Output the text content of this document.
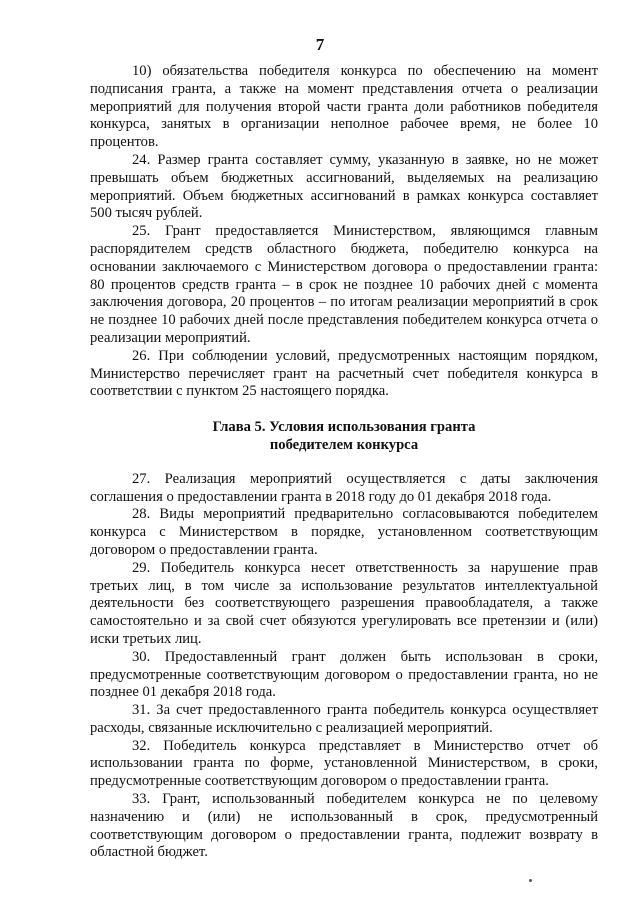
7

10) обязательства победителя конкурса по обеспечению на момент подписания гранта, а также на момент представления отчета о реализации мероприятий для получения второй части гранта доли работников победителя конкурса, занятых в организации неполное рабочее время, не более 10 процентов.

24. Размер гранта составляет сумму, указанную в заявке, но не может превышать объем бюджетных ассигнований, выделяемых на реализацию мероприятий. Объем бюджетных ассигнований в рамках конкурса составляет 500 тысяч рублей.

25. Грант предоставляется Министерством, являющимся главным распорядителем средств областного бюджета, победителю конкурса на основании заключаемого с Министерством договора о предоставлении гранта: 80 процентов средств гранта – в срок не позднее 10 рабочих дней с момента заключения договора, 20 процентов – по итогам реализации мероприятий в срок не позднее 10 рабочих дней после представления победителем конкурса отчета о реализации мероприятий.

26. При соблюдении условий, предусмотренных настоящим порядком, Министерство перечисляет грант на расчетный счет победителя конкурса в соответствии с пунктом 25 настоящего порядка.

Глава 5. Условия использования гранта
победителем конкурса

27. Реализация мероприятий осуществляется с даты заключения соглашения о предоставлении гранта в 2018 году до 01 декабря 2018 года.

28. Виды мероприятий предварительно согласовываются победителем конкурса с Министерством в порядке, установленном соответствующим договором о предоставлении гранта.

29. Победитель конкурса несет ответственность за нарушение прав третьих лиц, в том числе за использование результатов интеллектуальной деятельности без соответствующего разрешения правообладателя, а также самостоятельно и за свой счет обязуются урегулировать все претензии и (или) иски третьих лиц.

30. Предоставленный грант должен быть использован в сроки, предусмотренные соответствующим договором о предоставлении гранта, но не позднее 01 декабря 2018 года.

31. За счет предоставленного гранта победитель конкурса осуществляет расходы, связанные исключительно с реализацией мероприятий.

32. Победитель конкурса представляет в Министерство отчет об использовании гранта по форме, установленной Министерством, в сроки, предусмотренные соответствующим договором о предоставлении гранта.

33. Грант, использованный победителем конкурса не по целевому назначению и (или) не использованный в срок, предусмотренный соответствующим договором о предоставлении гранта, подлежит возврату в областной бюджет.
